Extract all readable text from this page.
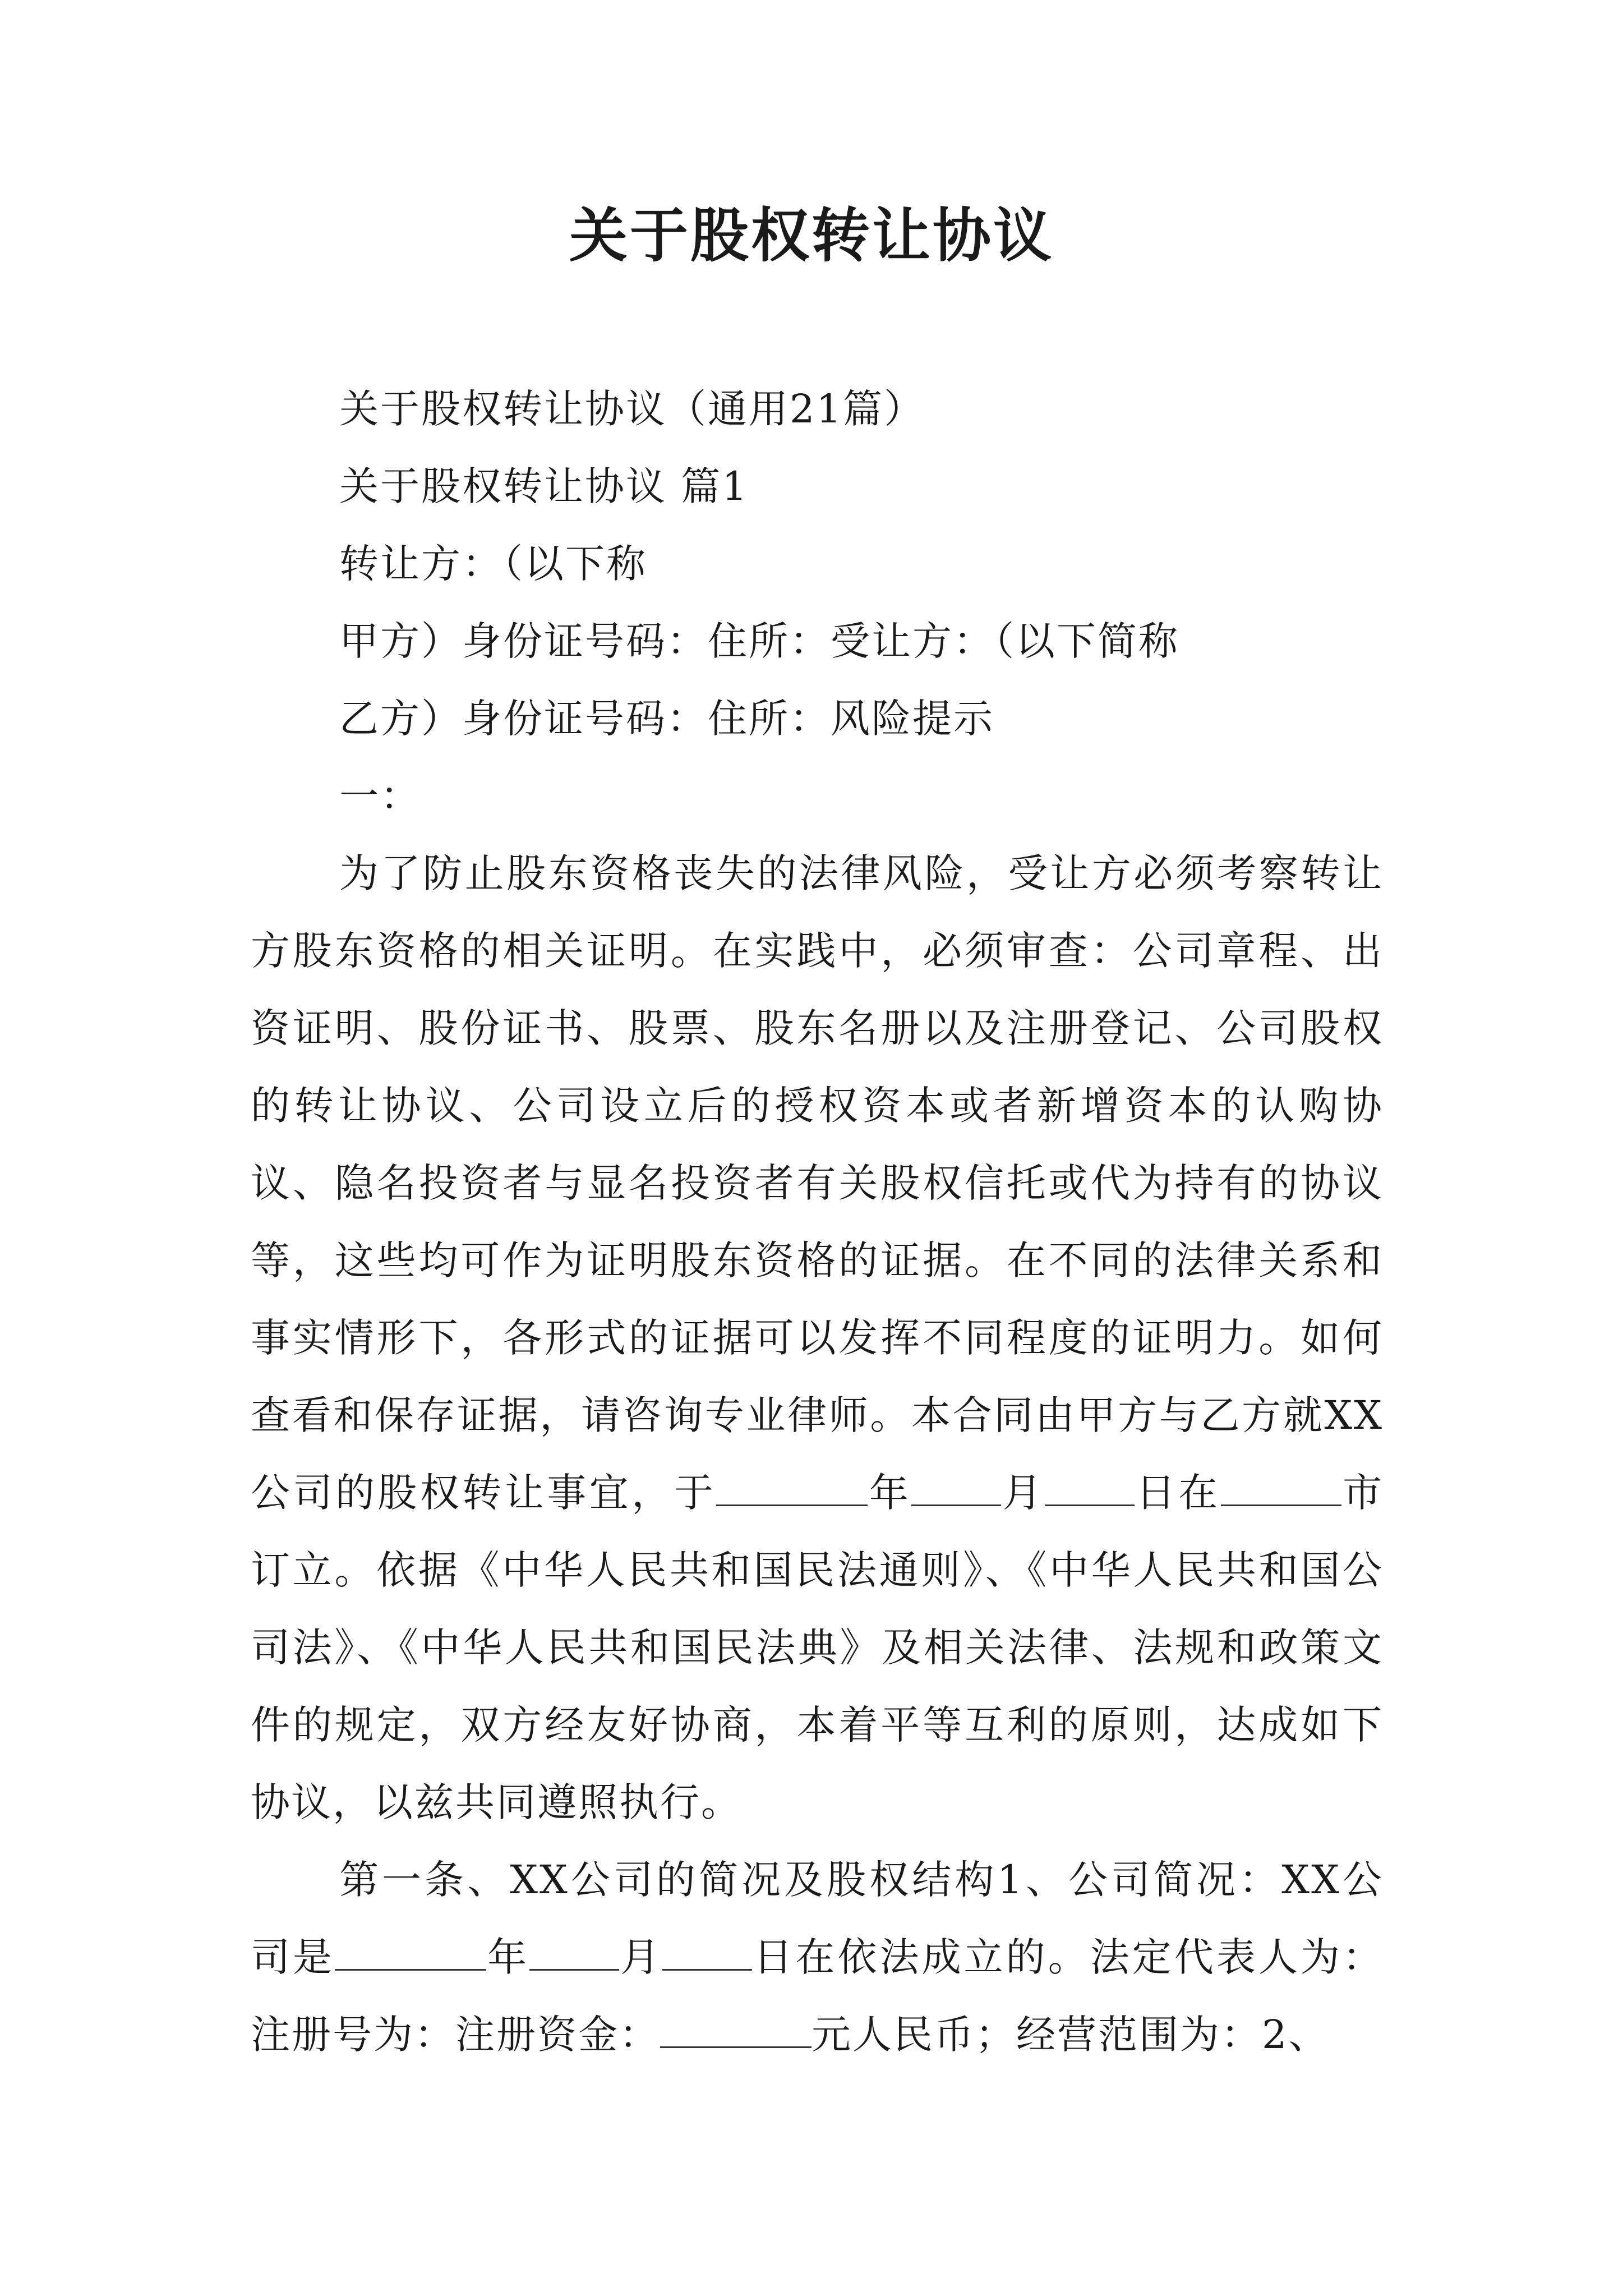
关于股权转让协议
关于股权转让协议（通用21篇）
关于股权转让协议 篇1
转让方：（以下称
甲方）身份证号码：住所：受让方：（以下简称
乙方）身份证号码：住所：风险提示
一：

为了防止股东资格丧失的法律风险，受让方必须考察转让方股东资格的相关证明。在实践中，必须审查：公司章程、出资证明、股份证书、股票、股东名册以及注册登记、公司股权的转让协议、公司设立后的授权资本或者新增资本的认购协议、隐名投资者与显名投资者有关股权信托或代为持有的协议等，这些均可作为证明股东资格的证据。在不同的法律关系和事实情形下，各形式的证据可以发挥不同程度的证明力。如何查看和保存证据，请咨询专业律师。本合同由甲方与乙方就XX公司的股权转让事宜，于	年 月 日在	市订立。依据《中华人民共和国民法通则》、《中华人民共和国公司法》、《中华人民共和国民法典》及相关法律、法规和政策文件的规定，双方经友好协商，本着平等互利的原则，达成如下协议，以兹共同遵照执行。

第一条、XX公司的简况及股权结构1、公司简况：XX公司是	年 月 日在依法成立的。法定代表人为：注册号为：注册资金：	元人民币；经营范围为：2、
